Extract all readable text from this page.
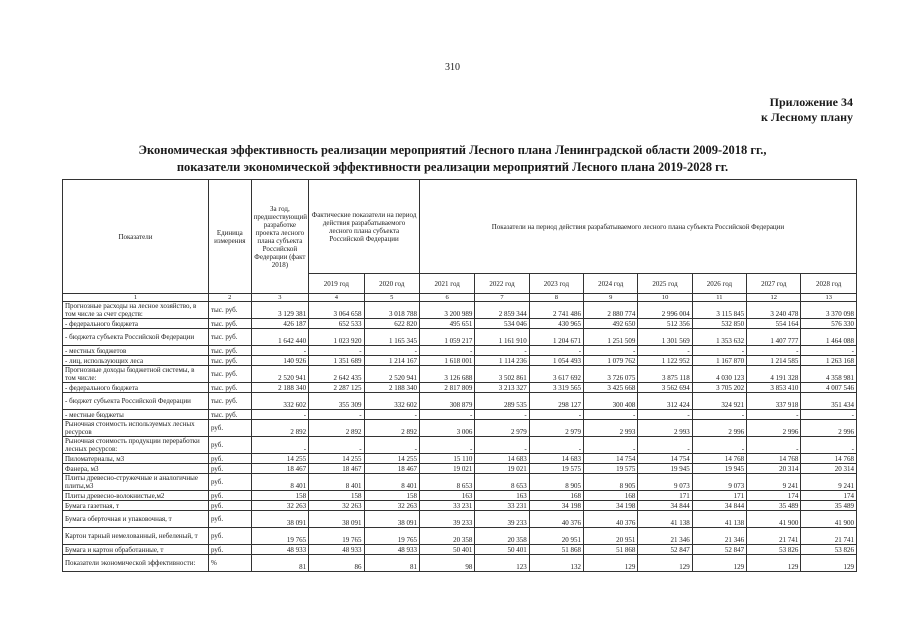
310
Приложение 34
к Лесному плану
Экономическая эффективность реализации мероприятий Лесного плана Ленинградской области 2009-2018 гг.,
показатели экономической эффективности реализации мероприятий Лесного плана 2019-2028 гг.
Показатели	Единица измерения	За год, предшествующий разработке проекта лесного плана субъекта Российской Федерации (факт 2018)	Фактические показатели на период действия разрабатываемого лесного плана субъекта Российской Федерации		Показатели на период действия разрабатываемого лесного плана субъекта Российской Федерации							
			2019 год	2020 год	2021 год	2022 год	2023 год	2024 год	2025 год	2026 год	2027 год	2028 год
1	2	3	4	5	6	7	8	9	10	11	12	13
Прогнозные расходы на лесное хозяйство, в том числе за счет средств:	тыс. руб.	3 129 381	3 064 658	3 018 788	3 200 989	2 859 344	2 741 486	2 880 774	2 996 004	3 115 845	3 240 478	3 370 098
- федерального бюджета	тыс. руб.	426 187	652 533	622 820	495 651	534 046	430 965	492 650	512 356	532 850	554 164	576 330
- бюджета субъекта Российской Федерации	тыс. руб.	1 642 440	1 023 920	1 165 345	1 059 217	1 161 910	1 204 671	1 251 509	1 301 569	1 353 632	1 407 777	1 464 088
- местных бюджетов	тыс. руб.	-	-	-	-	-	-	-	-	-	-	-
- лиц, использующих леса	тыс. руб.	140 926	1 351 689	1 214 167	1 618 001	1 114 236	1 054 493	1 079 762	1 122 952	1 167 870	1 214 585	1 263 168
Прогнозные доходы бюджетной системы, в том числе:	тыс. руб.	2 520 941	2 642 435	2 520 941	3 126 688	3 502 861	3 617 692	3 726 075	3 875 118	4 030 123	4 191 328	4 358 981
- федерального бюджета	тыс. руб.	2 188 340	2 287 125	2 188 340	2 817 809	3 213 327	3 319 565	3 425 668	3 562 694	3 705 202	3 853 410	4 007 546
- бюджет субъекта Российской Федерации	тыс. руб.	332 602	355 309	332 602	308 879	289 535	298 127	300 408	312 424	324 921	337 918	351 434
- местные бюджеты	тыс. руб.	-	-	-	-	-	-	-	-	-	-	-
Рыночная стоимость используемых лесных ресурсов	руб.	2 892	2 892	2 892	3 006	2 979	2 979	2 993	2 993	2 996	2 996	2 996
Рыночная стоимость продукции переработки лесных ресурсов:	руб.	-	-	-	-	-	-	-	-	-	-	-
Пиломатериалы, м3	руб.	14 255	14 255	14 255	15 110	14 683	14 683	14 754	14 754	14 768	14 768	14 768
Фанера, м3	руб.	18 467	18 467	18 467	19 021	19 021	19 575	19 575	19 945	19 945	20 314	20 314
Плиты древесно-стружечные и аналогичные плиты,м3	руб.	8 401	8 401	8 401	8 653	8 653	8 905	8 905	9 073	9 073	9 241	9 241
Плиты древесно-волокнистые,м2	руб.	158	158	158	163	163	168	168	171	171	174	174
Бумага газетная, т	руб.	32 263	32 263	32 263	33 231	33 231	34 198	34 198	34 844	34 844	35 489	35 489
Бумага оберточная и упаковочная, т	руб.	38 091	38 091	38 091	39 233	39 233	40 376	40 376	41 138	41 138	41 900	41 900
Картон тарный немелованный, небеленый, т	руб.	19 765	19 765	19 765	20 358	20 358	20 951	20 951	21 346	21 346	21 741	21 741
Бумага и картон обработанные, т	руб.	48 933	48 933	48 933	50 401	50 401	51 868	51 868	52 847	52 847	53 826	53 826
Показатели экономической эффективности:	%	81	86	81	98	123	132	129	129	129	129	129
